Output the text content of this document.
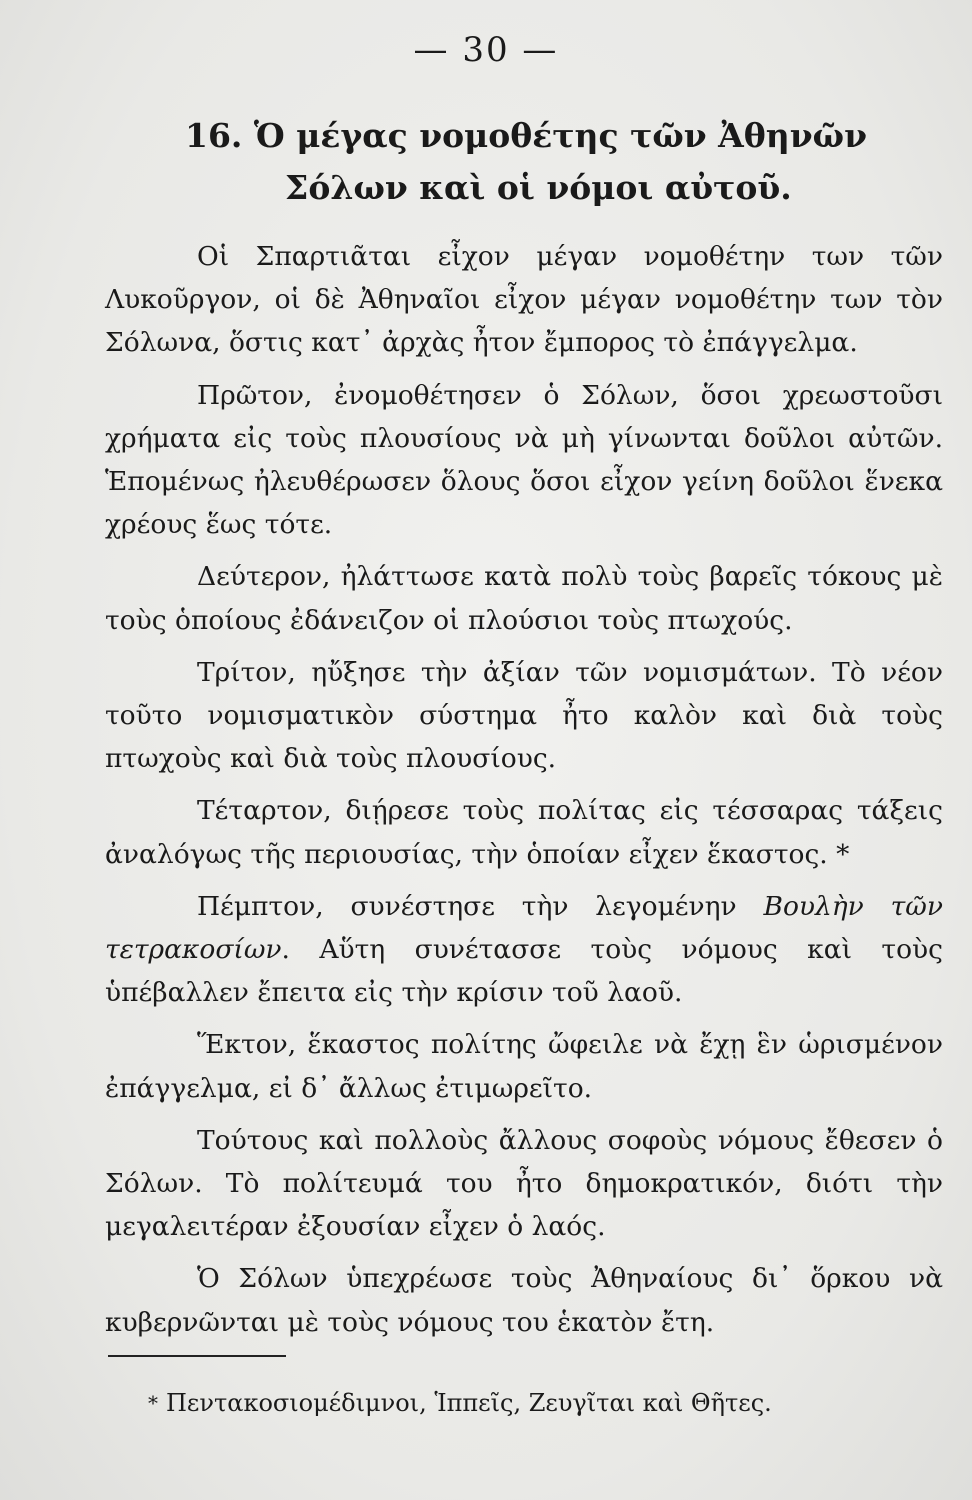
— 30 —
16. Ὁ μέγας νομοθέτης τῶν Ἀθηνῶν
Σόλων καὶ οἱ νόμοι αὐτοῦ.

Οἱ Σπαρτιᾶται εἶχον μέγαν νομοθέτην των τῶν Λυκοῦργον, οἱ δὲ Ἀθηναῖοι εἶχον μέγαν νομοθέτην των τὸν Σόλωνα, ὅστις κατ᾽ ἀρχὰς ἦτον ἔμπορος τὸ ἐπάγγελμα.

Πρῶτον, ἐνομοθέτησεν ὁ Σόλων, ὅσοι χρεωστοῦσι χρήματα εἰς τοὺς πλουσίους νὰ μὴ γίνωνται δοῦλοι αὐτῶν. Ἑπομένως ἠλευθέρωσεν ὅλους ὅσοι εἶχον γείνη δοῦλοι ἕνεκα χρέους ἕως τότε.

Δεύτερον, ἠλάττωσε κατὰ πολὺ τοὺς βαρεῖς τόκους μὲ τοὺς ὁποίους ἐδάνειζον οἱ πλούσιοι τοὺς πτωχούς.

Τρίτον, ηὔξησε τὴν ἀξίαν τῶν νομισμάτων. Τὸ νέον τοῦτο νομισματικὸν σύστημα ἦτο καλὸν καὶ διὰ τοὺς πτωχοὺς καὶ διὰ τοὺς πλουσίους.

Τέταρτον, διῄρεσε τοὺς πολίτας εἰς τέσσαρας τάξεις ἀναλόγως τῆς περιουσίας, τὴν ὁποίαν εἶχεν ἕκαστος. *

Πέμπτον, συνέστησε τὴν λεγομένην Βουλὴν τῶν τετρακοσίων. Αὕτη συνέτασσε τοὺς νόμους καὶ τοὺς ὑπέβαλλεν ἔπειτα εἰς τὴν κρίσιν τοῦ λαοῦ.

Ἕκτον, ἕκαστος πολίτης ὤφειλε νὰ ἔχῃ ἓν ὡρισμένον ἐπάγγελμα, εἰ δ᾽ ἄλλως ἐτιμωρεῖτο.

Τούτους καὶ πολλοὺς ἄλλους σοφοὺς νόμους ἔθεσεν ὁ Σόλων. Τὸ πολίτευμά του ἦτο δημοκρατικόν, διότι τὴν μεγαλειτέραν ἐξουσίαν εἶχεν ὁ λαός.

Ὁ Σόλων ὑπεχρέωσε τοὺς Ἀθηναίους δι᾽ ὅρκου νὰ κυβερνῶνται μὲ τοὺς νόμους του ἑκατὸν ἔτη.

* Πεντακοσιομέδιμνοι, Ἱππεῖς, Ζευγῖται καὶ Θῆτες.
